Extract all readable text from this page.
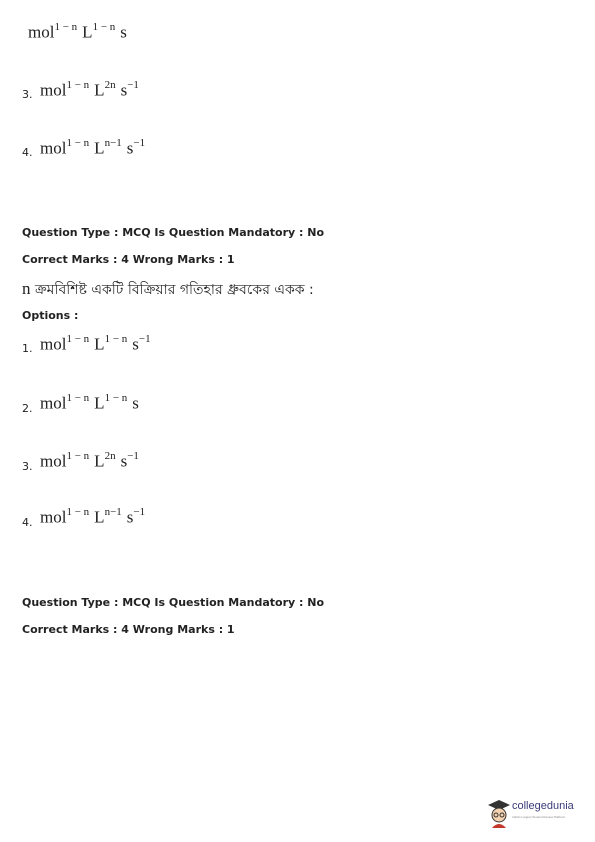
mol$^{1 - n}$ $L^{1 - n}$ s
3. mol$^{1 - n}$ $L^{2n}$ $s^{-1}$
4. mol$^{1 - n}$ $L^{n-1}$ $s^{-1}$
Question Type : MCQ Is Question Mandatory : No
Correct Marks : 4 Wrong Marks : 1
n ক্রমবিশিষ্ট একটি বিক্রিয়ার গতিহার ধ্রুবকের একক :
Options :
1. mol$^{1 - n}$ $L^{1 - n}$ $s^{-1}$
2. mol$^{1 - n}$ $L^{1 - n}$ s
3. mol$^{1 - n}$ $L^{2n}$ $s^{-1}$
4. mol$^{1 - n}$ $L^{n-1}$ $s^{-1}$
Question Type : MCQ Is Question Mandatory : No
Correct Marks : 4 Wrong Marks : 1
collegedunia
India's Largest Student Review Platform
